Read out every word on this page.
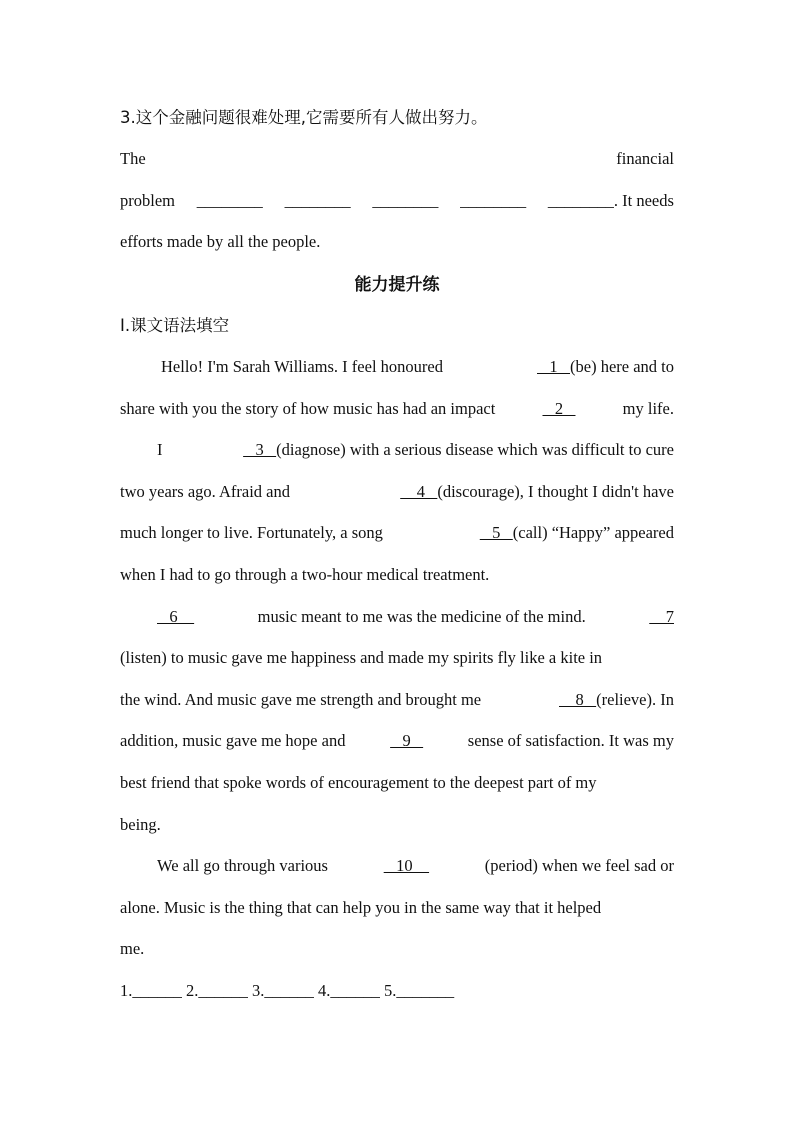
3.这个金融问题很难处理,它需要所有人做出努力。
The	financial
problem ________ ________ ________ ________ ________. It needs
efforts made by all the people.
能力提升练
Ⅰ.课文语法填空
Hello! I'm Sarah Williams. I feel honoured	1   (be) here and to
share with you the story of how music has had an impact	2	my life.
I	3   (diagnose) with a serious disease which was difficult to cure
two years ago. Afraid and	4   (discourage), I thought I didn't have
much longer to live. Fortunately, a song	5   (call) “Happy” appeared
when I had to go through a two-hour medical treatment.
6	music meant to me was the medicine of the mind.	7
(listen) to music gave me happiness and made my spirits fly like a kite in
the wind. And music gave me strength and brought me	8   (relieve). In
addition, music gave me hope and	9	sense of satisfaction. It was my
best friend that spoke words of encouragement to the deepest part of my
being.
We all go through various	10	(period) when we feel sad or
alone. Music is the thing that can help you in the same way that it helped
me.
1.______ 2.______ 3.______ 4.______ 5._______
